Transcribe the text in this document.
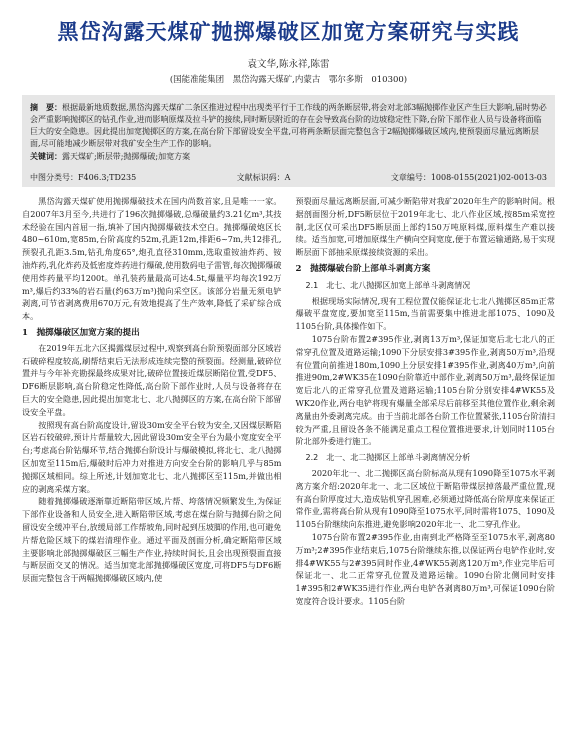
黑岱沟露天煤矿抛掷爆破区加宽方案研究与实践
袁文华,陈永祥,陈雷
(国能准能集团　黑岱沟露天煤矿,内蒙古　鄂尔多斯　010300)
摘　要：根据最新地质数据,黑岱沟露天煤矿二条区推进过程中出现类平行于工作线的两条断层带,将会对北部3幅抛掷作业区产生巨大影响,届时势必会严重影响抛掷区的钻孔作业,进而影响原煤及拉斗铲的接续,同时断层附近的存在会导致高台阶的边坡稳定性下降,台阶下部作业人员与设备将面临巨大的安全隐患。因此提出加宽抛掷区的方案,在高台阶下部留设安全平盘,可将两条断层面完整包含于2幅抛掷爆破区域内,使预裂面尽量远离断层面,尽可能地减少断层带对我矿安全生产工作的影响。
关键词：露天煤矿;断层带;抛掷爆破;加宽方案
中图分类号：F406.3;TD235	文献标识码：A	文章编号：1008-0155(2021)02-0013-03

黑岱沟露天煤矿使用抛掷爆破技术在国内尚数首家,且是唯一一家。自2007年3月至今,共进行了196次抛掷爆破,总爆破量约3.21亿m³,其技术经验在国内首屈一指,填补了国内抛掷爆破技术空白。抛掷爆破炮区长480~610m,宽85m,台阶高度约52m,孔距12m,排距6~7m,共12排孔,预裂孔孔距3.5m,钻孔角度65°,炮孔直径310mm,选取重铵油炸药、铵油炸药,乳化炸药及低密度炸药进行爆破,使用数码电子雷管,每次抛掷爆破使用炸药量平均1200t。单孔装药量最高可达4.5t,爆量平均每次192万m³,爆后约33%的岩石量(约63万m³)抛向采空区。该部分岩量无须电铲剥离,可节省剥离费用670万元,有效地提高了生产效率,降低了采矿综合成本。

1　抛掷爆破区加宽方案的提出

在2019年五北六区揭露煤层过程中,观察到高台阶预裂面部分区域岩石破碎程度较高,刷帮结束后无法形成连续完整的预裂面。经测量,破碎位置并与今年补充勘探最终成果对比,破碎位置接近煤层断陷位置,受DF5、DF6断层影响,高台阶稳定性降低,高台阶下部作业时,人员与设备将存在巨大的安全隐患,因此提出加宽北七、北八抛掷区的方案,在高台阶下部留设安全平盘。

按照现有高台阶高度设计,留设30m安全平台较为安全,又因煤层断陷区岩石较破碎,预计片帮量较大,因此留设30m安全平台为最小宽度安全平台;考虑高台阶钻爆环节,结合抛掷台阶设计与爆破模拟,将北七、北八抛掷区加宽至115m后,爆破时后冲力对推进方向安全台阶的影响几乎与85m抛掷区域相同。综上所述,计划加宽北七、北八抛掷区至115m,并做出相应的剥离采煤方案。

随着抛掷爆破逐渐靠近断陷带区域,片帮、垮落情况频繁发生,为保证下部作业设备和人员安全,进入断陷带区域,考虑在煤台阶与抛掷台阶之间留设安全缓冲平台,放缓局部工作帮坡角,同时起到压坡脚的作用,也可避免片帮危险区域下的煤岩清理作业。通过平面及剖面分析,确定断陷带区域主要影响北部抛掷爆破区三幅生产作业,持续时间长,且会出现预裂面直接与断层面交叉的情况。适当加宽北部抛掷爆破区宽度,可将DF5与DF6断层面完整包含于两幅抛掷爆破区域内,使

预裂面尽量远离断层面,可减少断陷带对我矿2020年生产的影响时间。根据剖面图分析,DF5断层位于2019年北七、北八作业区域,按85m采宽控制,北区仅可采出DF5断层面上部约150万吨原料煤,原料煤生产难以接续。适当加宽,可增加原煤生产横向空间宽度,便于布置运输通路,易于实现断层面下部抽采原煤接续资源的采出。

2　抛掷爆破台阶上部单斗剥离方案
2.1　北七、北八抛掷区加宽上部单斗剥离情况

根据现场实际情况,现有工程位置仅能保证北七北八抛掷区85m正常爆破平盘宽度,要加宽至115m,当前需要集中推进北部1075、1090及1105台阶,具体操作如下。

1075台阶布置2#395作业,剥离13万m³,保证加宽后北七北八的正常穿孔位置及道路运输;1090下分层安排3#395作业,剥离50万m³,沿现有位置向前推进180m,1090上分层安排1#395作业,剥离40万m³,向前推进90m,2#WK35在1090台阶靠近中部作业,剥离50万m³,最终保证加宽后北八的正常穿孔位置及道路运输;1105台阶分别安排4#WK55及WK20作业,两台电铲将现有爆量全部采尽后前移至其他位置作业,剩余剥离量由外委剥离完成。由于当前北部各台阶工作位置紧张,1105台阶清扫较为严重,且留设各条不能满足重点工程位置推进要求,计划同时1105台阶北部外委进行施工。

2.2　北一、北二抛掷区上部单斗剥离情况分析

2020年北一、北二抛掷区高台阶标高从现有1090降至1075水平剥离方案介绍:2020年北一、北二区域位于断陷带煤层掉落最严重位置,现有高台阶厚度过大,造成钻机穿孔困难,必须通过降低高台阶厚度来保证正常作业,需将高台阶从现有1090降至1075水平,同时需将1075、1090及1105台阶继续向东推进,避免影响2020年北一、北二穿孔作业。

1075台阶布置2#395作业,由南到北严格降至至1075水平,剥离80万m³;2#395作业结束后,1075台阶继续东推,以保证两台电铲作业时,安排4#WK55与2#395同时作业,4#WK55剥离120万m³,作业完毕后可保证北一、北二正常穿孔位置及道路运输。1090台阶北侧同时安排1#395和2#WK35进行作业,两台电铲各剥离80万m³,可保证1090台阶宽度符合设计要求。1105台阶
